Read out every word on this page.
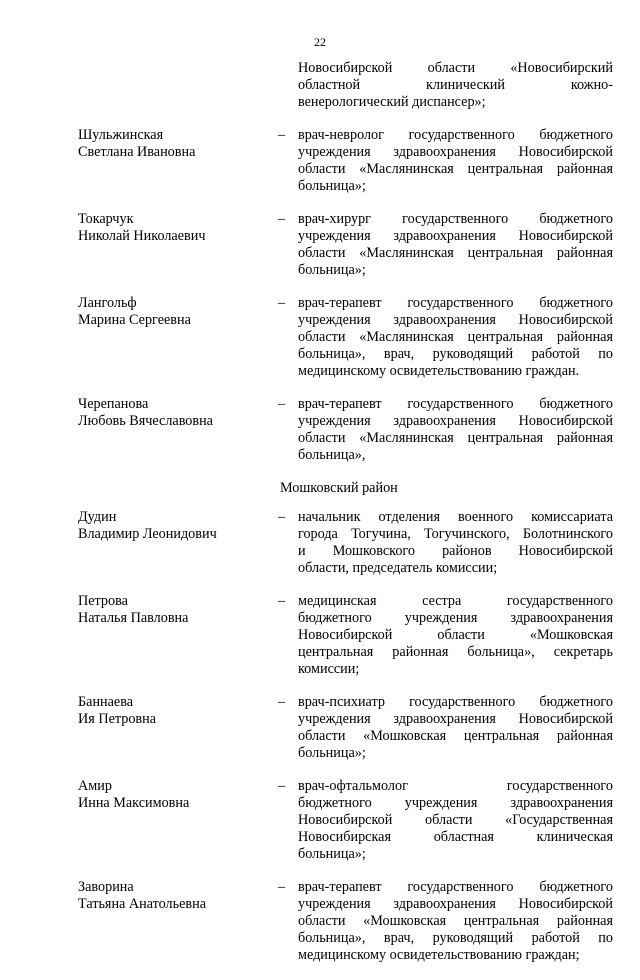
22
Новосибирской области «Новосибирский
областной клинический кожно-
венерологический диспансер»;
Шульжинская
Светлана Ивановна
– врач-невролог государственного бюджетного
учреждения здравоохранения Новосибирской
области «Маслянинская центральная районная
больница»;
Токарчук
Николай Николаевич
– врач-хирург государственного бюджетного
учреждения здравоохранения Новосибирской
области «Маслянинская центральная районная
больница»;
Лангольф
Марина Сергеевна
– врач-терапевт государственного бюджетного
учреждения здравоохранения Новосибирской
области «Маслянинская центральная районная
больница», врач, руководящий работой по
медицинскому освидетельствованию граждан.
Черепанова
Любовь Вячеславовна
– врач-терапевт государственного бюджетного
учреждения здравоохранения Новосибирской
области «Маслянинская центральная районная
больница»,
Мошковский район
Дудин
Владимир Леонидович
– начальник отделения военного комиссариата
города Тогучина, Тогучинского, Болотнинского
и Мошковского районов Новосибирской
области, председатель комиссии;
Петрова
Наталья Павловна
– медицинская сестра государственного
бюджетного учреждения здравоохранения
Новосибирской области «Мошковская
центральная районная больница», секретарь
комиссии;
Баннаева
Ия Петровна
– врач-психиатр государственного бюджетного
учреждения здравоохранения Новосибирской
области «Мошковская центральная районная
больница»;
Амир
Инна Максимовна
– врач-офтальмолог государственного
бюджетного учреждения здравоохранения
Новосибирской области «Государственная
Новосибирская областная клиническая
больница»;
Заворина
Татьяна Анатольевна
– врач-терапевт государственного бюджетного
учреждения здравоохранения Новосибирской
области «Мошковская центральная районная
больница», врач, руководящий работой по
медицинскому освидетельствованию граждан;
